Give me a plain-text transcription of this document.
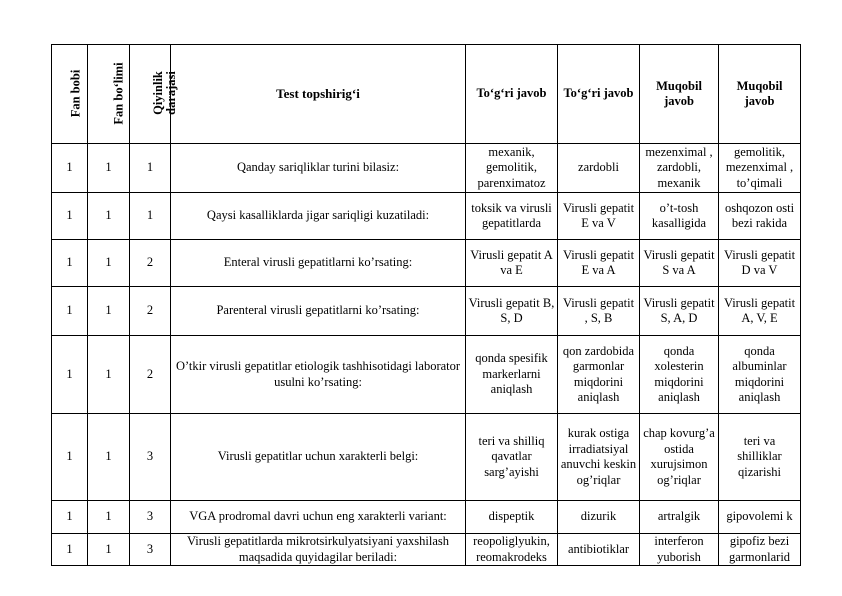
Fan bobi	Fan bo‘limi	Qiyinlik darajasi	Test topshirig‘i	To‘g‘ri javob	To‘g‘ri javob	Muqobil javob	Muqobil javob
1	1	1	Qanday sariqliklar turini bilasiz:	mexanik, gemolitik, parenximatoz	zardobli	mezenximal , zardobli, mexanik	gemolitik, mezenximal , to’qimali
1	1	1	Qaysi kasalliklarda jigar sariqligi kuzatiladi:	toksik va virusli gepatitlarda	Virusli gepatit E va V	o’t-tosh kasalligida	oshqozon osti bezi rakida
1	1	2	Enteral virusli gepatitlarni ko’rsating:	Virusli gepatit A va E	Virusli gepatit E va A	Virusli gepatit S va A	Virusli gepatit D va V
1	1	2	Parenteral virusli gepatitlarni ko’rsating:	Virusli gepatit B, S, D	Virusli gepatit , S, B	Virusli gepatit S, A, D	Virusli gepatit A, V, E
1	1	2	O’tkir virusli gepatitlar etiologik tashhisotidagi laborator usulni ko’rsating:	qonda spesifik markerlarni aniqlash	qon zardobida garmonlar miqdorini aniqlash	qonda xolesterin miqdorini aniqlash	qonda albuminlar miqdorini aniqlash
1	1	3	Virusli gepatitlar uchun xarakterli belgi:	teri va shilliq qavatlar sarg’ayishi	kurak ostiga irradiatsiyal anuvchi keskin og’riqlar	chap kovurg’a ostida xurujsimon og’riqlar	teri va shilliklar qizarishi
1	1	3	VGA prodromal davri uchun eng xarakterli variant:	dispeptik	dizurik	artralgik	gipovolemi k
1	1	3	Virusli gepatitlarda mikrotsirkulyatsiyani yaxshilash maqsadida quyidagilar beriladi:	reopoliglyukin, reomakrodeks	antibiotiklar	interferon yuborish	gipofiz bezi garmonlarid
